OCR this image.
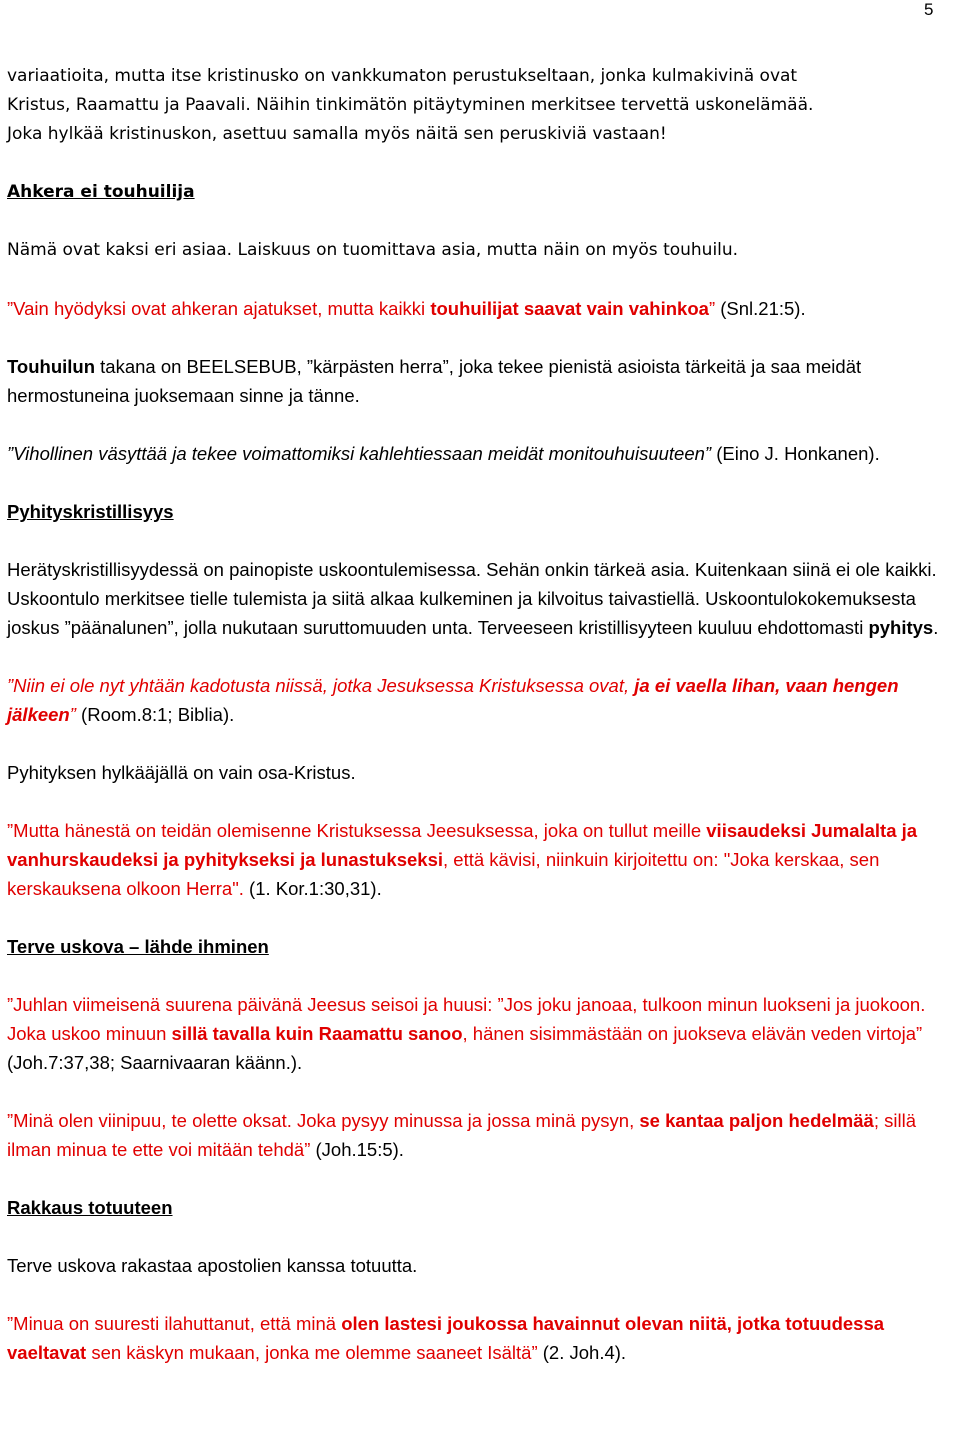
5

variaatioita, mutta itse kristinusko on vankkumaton perustukseltaan, jonka kulmakivinä ovat
Kristus, Raamattu ja Paavali. Näihin tinkimätön pitäytyminen merkitsee tervettä uskonelämää.
Joka hylkää kristinuskon, asettuu samalla myös näitä sen peruskiviä vastaan!

Ahkera ei touhuilija

Nämä ovat kaksi eri asiaa. Laiskuus on tuomittava asia, mutta näin on myös touhuilu.

”Vain hyödyksi ovat ahkeran ajatukset, mutta kaikki touhuilijat saavat vain vahinkoa” (Snl.21:5).

Touhuilun takana on BEELSEBUB, ”kärpästen herra”, joka tekee pienistä asioista tärkeitä ja saa meidät hermostuneina juoksemaan sinne ja tänne.

”Vihollinen väsyttää ja tekee voimattomiksi kahlehtiessaan meidät monitouhuisuuteen” (Eino J. Honkanen).

Pyhityskristillisyys

Herätyskristillisyydessä on painopiste uskoontulemisessa. Sehän onkin tärkeä asia. Kuitenkaan siinä ei ole kaikki. Uskoontulo merkitsee tielle tulemista ja siitä alkaa kulkeminen ja kilvoitus taivastiellä. Uskoontulokokemuksesta joskus ”päänalunen”, jolla nukutaan suruttomuuden unta. Terveeseen kristillisyyteen kuuluu ehdottomasti pyhitys.

”Niin ei ole nyt yhtään kadotusta niissä, jotka Jesuksessa Kristuksessa ovat, ja ei vaella lihan, vaan hengen jälkeen” (Room.8:1; Biblia).

Pyhityksen hylkääjällä on vain osa-Kristus.

”Mutta hänestä on teidän olemisenne Kristuksessa Jeesuksessa, joka on tullut meille viisaudeksi Jumalalta ja vanhurskaudeksi ja pyhitykseksi ja lunastukseksi, että kävisi, niinkuin kirjoitettu on: "Joka kerskaa, sen kerskauksena olkoon Herra". (1. Kor.1:30,31).

Terve uskova – lähde ihminen

”Juhlan viimeisenä suurena päivänä Jeesus seisoi ja huusi: ”Jos joku janoaa, tulkoon minun luokseni ja juokoon. Joka uskoo minuun sillä tavalla kuin Raamattu sanoo, hänen sisimmästään on juokseva elävän veden virtoja” (Joh.7:37,38; Saarnivaaran käänn.).

”Minä olen viinipuu, te olette oksat. Joka pysyy minussa ja jossa minä pysyn, se kantaa paljon hedelmää; sillä ilman minua te ette voi mitään tehdä” (Joh.15:5).

Rakkaus totuuteen

Terve uskova rakastaa apostolien kanssa totuutta.

”Minua on suuresti ilahuttanut, että minä olen lastesi joukossa havainnut olevan niitä, jotka totuudessa vaeltavat sen käskyn mukaan, jonka me olemme saaneet Isältä” (2. Joh.4).
